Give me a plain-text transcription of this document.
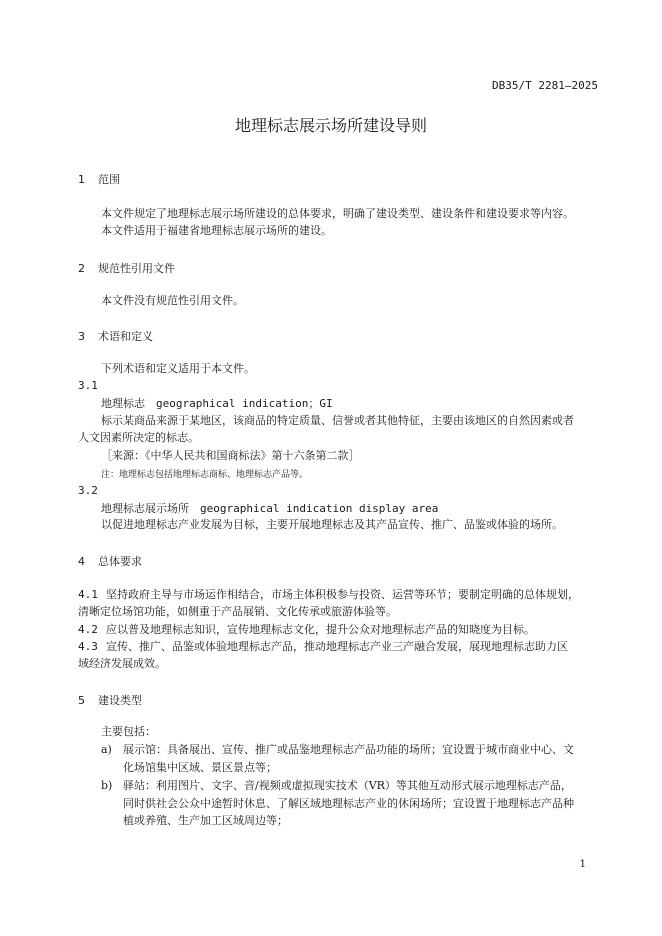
DB35/T 2281—2025
地理标志展示场所建设导则
1 范围
本文件规定了地理标志展示场所建设的总体要求，明确了建设类型、建设条件和建设要求等内容。
本文件适用于福建省地理标志展示场所的建设。
2 规范性引用文件
本文件没有规范性引用文件。
3 术语和定义
下列术语和定义适用于本文件。
3.1
地理标志　geographical indication；GI
标示某商品来源于某地区，该商品的特定质量、信誉或者其他特征，主要由该地区的自然因素或者
人文因素所决定的标志。
［来源：《中华人民共和国商标法》第十六条第二款］
注：地理标志包括地理标志商标、地理标志产品等。
3.2
地理标志展示场所　geographical indication display area
以促进地理标志产业发展为目标，主要开展地理标志及其产品宣传、推广、品鉴或体验的场所。
4 总体要求
4.1 坚持政府主导与市场运作相结合，市场主体积极参与投资、运营等环节；要制定明确的总体规划，
清晰定位场馆功能，如侧重于产品展销、文化传承或旅游体验等。
4.2 应以普及地理标志知识，宣传地理标志文化，提升公众对地理标志产品的知晓度为目标。
4.3 宣传、推广、品鉴或体验地理标志产品，推动地理标志产业三产融合发展，展现地理标志助力区
域经济发展成效。
5 建设类型
主要包括：
a) 展示馆：具备展出、宣传、推广或品鉴地理标志产品功能的场所；宜设置于城市商业中心、文
化场馆集中区域、景区景点等；
b) 驿站：利用图片、文字、音/视频或虚拟现实技术（VR）等其他互动形式展示地理标志产品，
同时供社会公众中途暂时休息、了解区域地理标志产业的休闲场所；宜设置于地理标志产品种
植或养殖、生产加工区域周边等；
1
